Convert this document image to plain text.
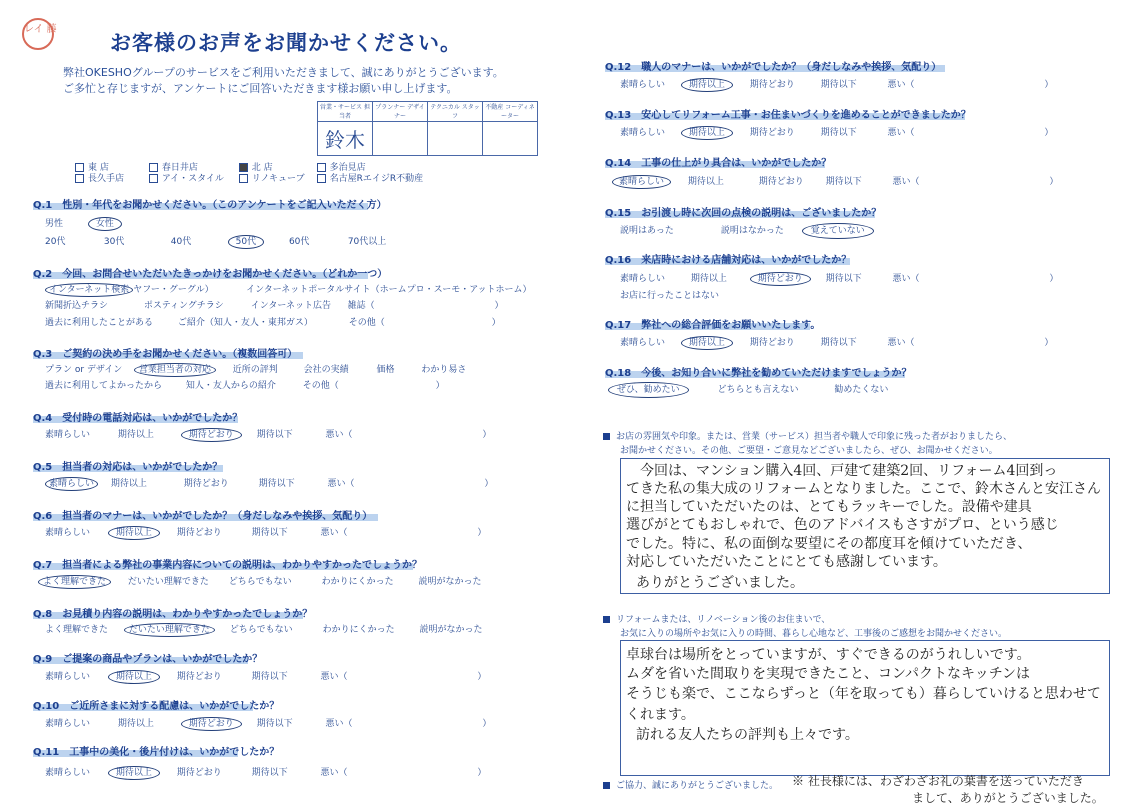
レイ 藤
お客様のお声をお聞かせください。
弊社OKESHOグループのサービスをご利用いただきまして、誠にありがとうございます。
ご多忙と存じますが、アンケートにご回答いただきます様お願い申し上げます。
営業・サービス 担当者	プランナー デザイナー	テクニカル スタッフ	不動産 コーディネーター
鈴木			
東 店	春日井店	北 店	多治見店
長久手店	アイ・スタイル	リノキューブ	名古屋RエイジR不動産
Q.1　性別・年代をお聞かせください。（このアンケートをご記入いただく方）
男性	女性
20代	30代	40代	50代	60代	70代以上
Q.2　今回、お問合せいただいたきっかけをお聞かせください。（どれか一つ）
インターネット検索 ヤフー・グーグル）	インターネットポータルサイト（ホームプロ・スーモ・アットホーム）
新聞折込チラシ	ポスティングチラシ	インターネット広告 雑誌（	）
過去に利用したことがある	ご紹介（知人・友人・東邦ガス）	その他（	）
Q.3　ご契約の決め手をお聞かせください。（複数回答可）
プラン or デザイン 営業担当者の対応 近所の評判	会社の実績	価格	わかり易さ
過去に利用してよかったから	知人・友人からの紹介	その他（	）
Q.4　受付時の電話対応は、いかがでしたか？
素晴らしい	期待以上	期待どおり	期待以下	悪い（	）
Q.5　担当者の対応は、いかがでしたか？
素晴らしい 期待以上	期待どおり	期待以下	悪い（	）
Q.6　担当者のマナーは、いかがでしたか？（身だしなみや挨拶、気配り）
素晴らしい	期待以上	期待どおり	期待以下	悪い（	）
Q.7　担当者による弊社の事業内容についての説明は、わかりやすかったでしょうか？
よく理解できた だいたい理解できた どちらでもない	わかりにくかった	説明がなかった
Q.8　お見積り内容の説明は、わかりやすかったでしょうか？
よく理解できた だいたい理解できた どちらでもない	わかりにくかった	説明がなかった
Q.9　ご提案の商品やプランは、いかがでしたか？
素晴らしい	期待以上	期待どおり	期待以下	悪い（	）
Q.10　ご近所さまに対する配慮は、いかがでしたか？
素晴らしい	期待以上	期待どおり	期待以下	悪い（	）
Q.11　工事中の美化・後片付けは、いかがでしたか？
素晴らしい	期待以上	期待どおり	期待以下	悪い（	）
Q.12　職人のマナーは、いかがでしたか？（身だしなみや挨拶、気配り）
素晴らしい	期待以上	期待どおり	期待以下	悪い（	）
Q.13　安心してリフォーム工事・お住まいづくりを進めることができましたか？
素晴らしい	期待以上	期待どおり	期待以下	悪い（	）
Q.14　工事の仕上がり具合は、いかがでしたか？
素晴らしい	期待以上	期待どおり 期待以下	悪い（	）
Q.15　お引渡し時に次回の点検の説明は、ございましたか？
説明はあった	説明はなかった	覚えていない
Q.16　来店時における店舗対応は、いかがでしたか？
素晴らしい	期待以上	期待どおり	期待以下	悪い（	）
お店に行ったことはない
Q.17　弊社への総合評価をお願いいたします。
素晴らしい	期待以上	期待どおり	期待以下	悪い（	）
Q.18　今後、お知り合いに弊社を勧めていただけますでしょうか？
ぜひ、勧めたい	どちらとも言えない	勧めたくない
お店の雰囲気や印象。または、営業（サービス）担当者や職人で印象に残った者がおりましたら、
お聞かせください。その他、ご要望・ご意見などございましたら、ぜひ、お聞かせください。
今回は、マンション購入4回、戸建て建築2回、リフォーム4回到っ
てきた私の集大成のリフォームとなりました。ここで、鈴木さんと安江さん
に担当していただいたのは、とてもラッキーでした。設備や建具
選びがとてもおしゃれで、色のアドバイスもさすがプロ、という感じ
でした。特に、私の面倒な要望にその都度耳を傾けていただき、
対応していただいたことにとても感謝しています。
ありがとうございました。
リフォームまたは、リノベーション後のお住まいで、
お気に入りの場所やお気に入りの時間、暮らし心地など、工事後のご感想をお聞かせください。
卓球台は場所をとっていますが、すぐできるのがうれしいです。
ムダを省いた間取りを実現できたこと、コンパクトなキッチンは
そうじも楽で、ここならずっと（年を取っても）暮らしていけると思わせて
くれます。
訪れる友人たちの評判も上々です。
ご協力、誠にありがとうございました。 ※ 社長様には、わざわざお礼の葉書を送っていただき
まして、ありがとうございました。
